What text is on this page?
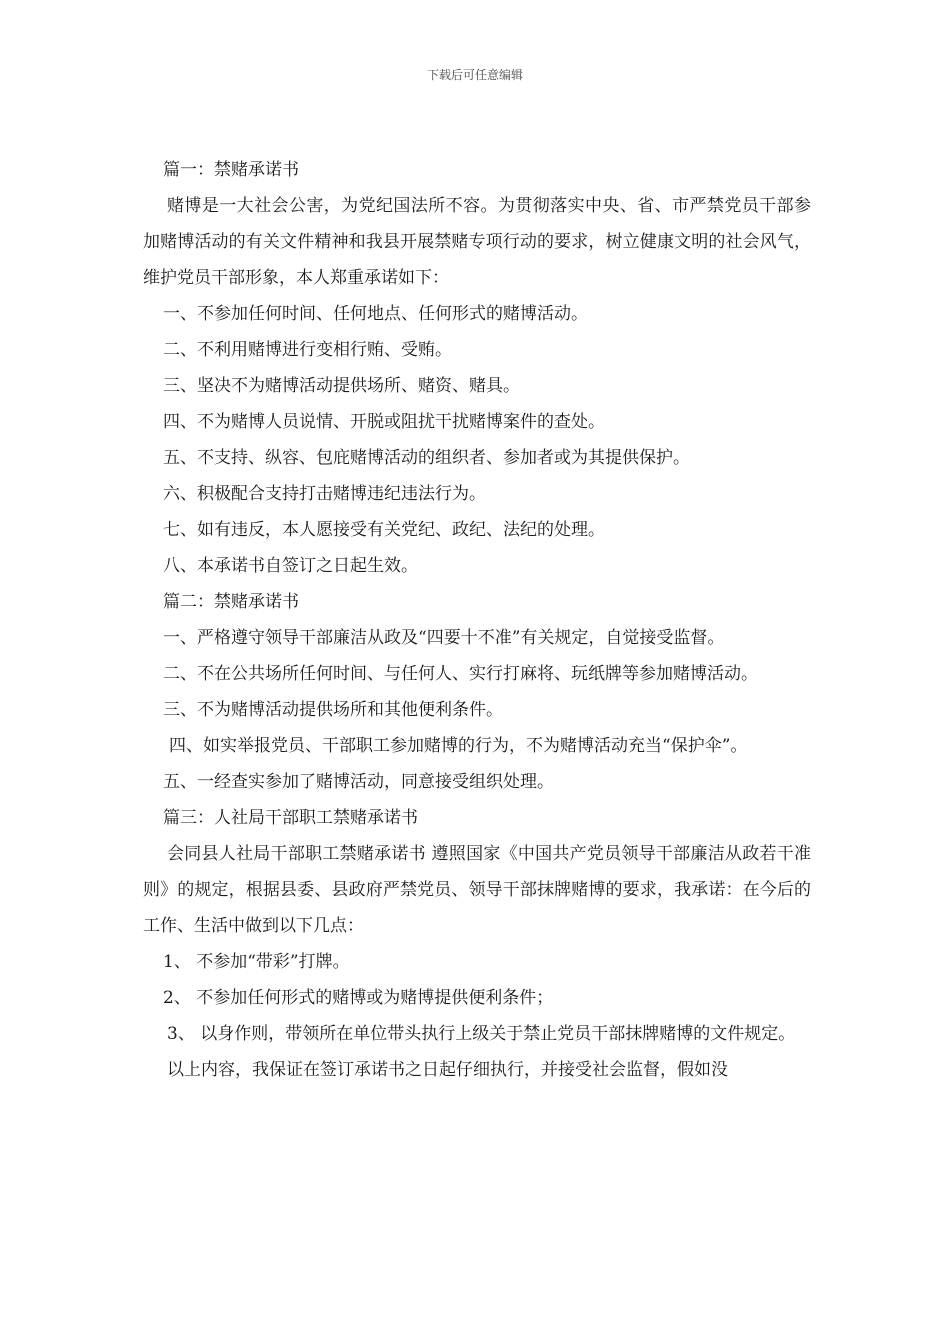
下载后可任意编辑

篇一：禁赌承诺书

赌博是一大社会公害，为党纪国法所不容。为贯彻落实中央、省、市严禁党员干部参加赌博活动的有关文件精神和我县开展禁赌专项行动的要求，树立健康文明的社会风气，维护党员干部形象，本人郑重承诺如下：

一、不参加任何时间、任何地点、任何形式的赌博活动。

二、不利用赌博进行变相行贿、受贿。

三、坚决不为赌博活动提供场所、赌资、赌具。

四、不为赌博人员说情、开脱或阻扰干扰赌博案件的查处。

五、不支持、纵容、包庇赌博活动的组织者、参加者或为其提供保护。

六、积极配合支持打击赌博违纪违法行为。

七、如有违反，本人愿接受有关党纪、政纪、法纪的处理。

八、本承诺书自签订之日起生效。

篇二：禁赌承诺书

一、严格遵守领导干部廉洁从政及“四要十不准”有关规定，自觉接受监督。

二、不在公共场所任何时间、与任何人、实行打麻将、玩纸牌等参加赌博活动。

三、不为赌博活动提供场所和其他便利条件。

四、如实举报党员、干部职工参加赌博的行为，不为赌博活动充当“保护伞”。

五、一经查实参加了赌博活动，同意接受组织处理。

篇三：人社局干部职工禁赌承诺书

会同县人社局干部职工禁赌承诺书 遵照国家《中国共产党员领导干部廉洁从政若干准则》的规定，根据县委、县政府严禁党员、领导干部抹牌赌博的要求，我承诺：在今后的工作、生活中做到以下几点：

1、 不参加“带彩”打牌。

2、 不参加任何形式的赌博或为赌博提供便利条件；

3、 以身作则，带领所在单位带头执行上级关于禁止党员干部抹牌赌博的文件规定。

以上内容，我保证在签订承诺书之日起仔细执行，并接受社会监督，假如没
